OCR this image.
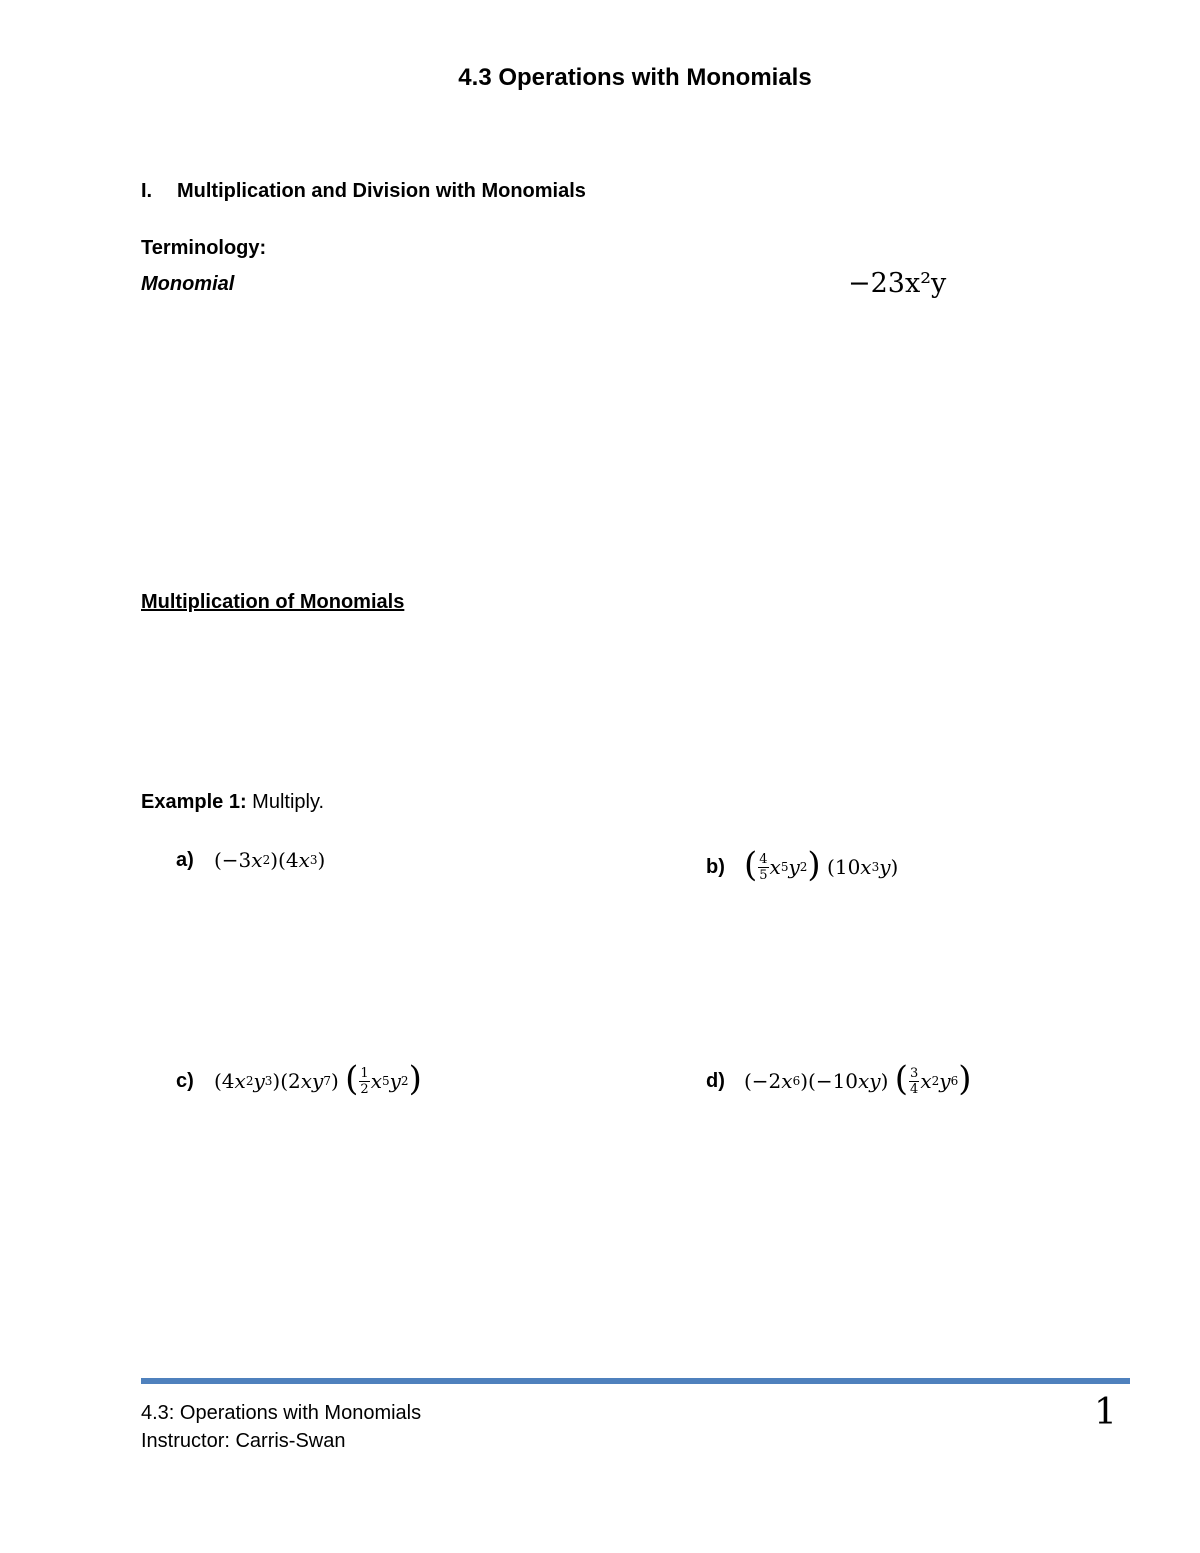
4.3 Operations with Monomials
I. Multiplication and Division with Monomials
Terminology:
Monomial	−23x²y
Multiplication of Monomials
Example 1: Multiply.
a)	(−3 x 2 )(4 x 3 )	b) ( $\frac{4}{5}$ x 5 y 2 ) (10 x 3 y )
c)	(4 x 2 y 3 )(2 xy 7 ) ( $\frac{1}{2}$ x 5 y 2 )	d) (−2 x 6 )(−10 xy ) ( $\frac{3}{4}$ x 2 y 6 )
4.3: Operations with Monomials
Instructor: Carris-Swan
1
